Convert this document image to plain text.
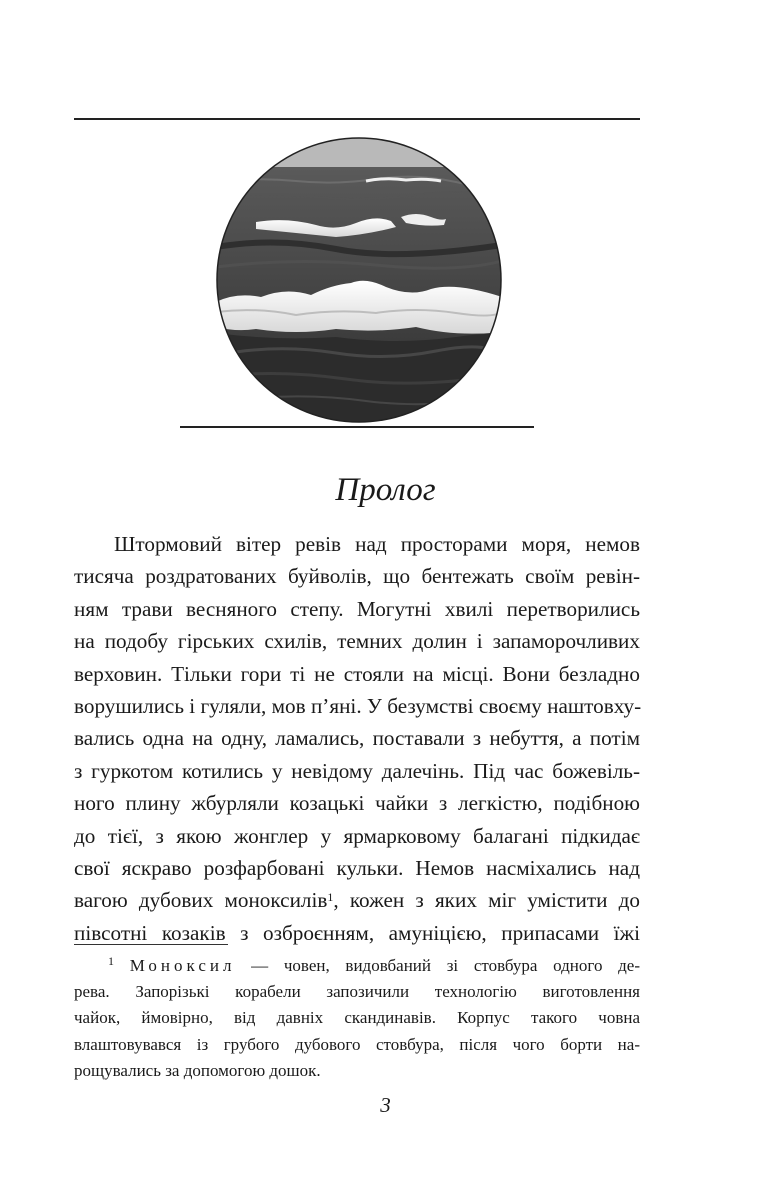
Пролог
Штормовий вітер ревів над просторами моря, немов
тисяча роздратованих буйволів, що бентежать своїм ревін-
ням трави весняного степу. Могутні хвилі перетворились
на подобу гірських схилів, темних долин і запаморочливих
верховин. Тільки гори ті не стояли на місці. Вони безладно
ворушились і гуляли, мов п’яні. У безумстві своєму наштовху-
вались одна на одну, ламались, поставали з небуття, а потім
з гуркотом котились у невідому далечінь. Під час божевіль-
ного плину жбурляли козацькі чайки з легкістю, подібною
до тієї, з якою жонглер у ярмарковому балагані підкидає
свої яскраво розфарбовані кульки. Немов насміхались над
вагою дубових моноксилів$^1$, кожен з яких міг умістити до
півсотні козаків з озброєнням, амуніцією, припасами їжі
$^1$ Моноксил — човен, видовбаний зі стовбура одного де-
рева. Запорізькі корабели запозичили технологію виготовлення
чайок, ймовірно, від давніх скандинавів. Корпус такого човна
влаштовувався із грубого дубового стовбура, після чого борти на-
рощувались за допомогою дошок.
3
